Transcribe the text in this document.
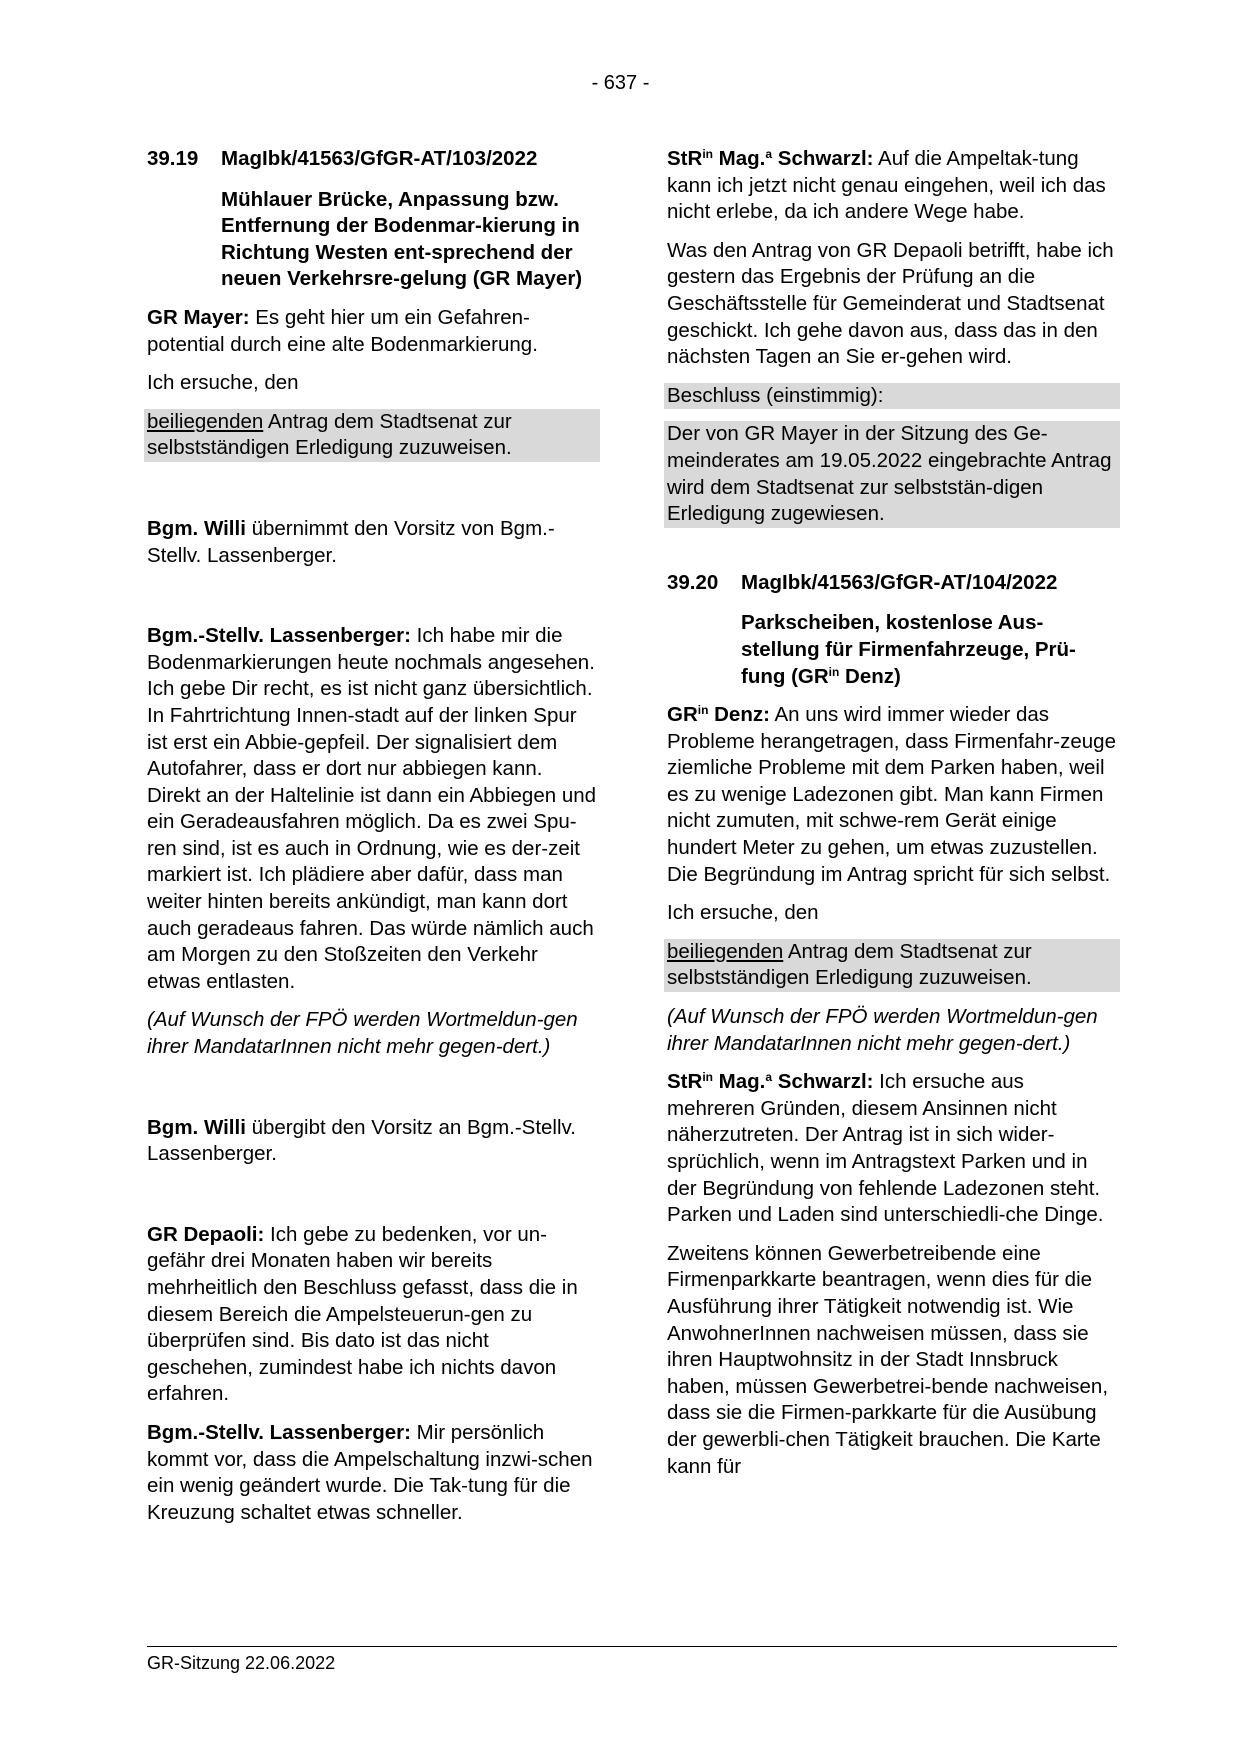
- 637 -
39.19	MagIbk/41563/GfGR-AT/103/2022
Mühlauer Brücke, Anpassung bzw. Entfernung der Bodenmar-kierung in Richtung Westen ent-sprechend der neuen Verkehrsre-gelung (GR Mayer)

GR Mayer: Es geht hier um ein Gefahren-potential durch eine alte Bodenmarkierung.

Ich ersuche, den

beiliegenden Antrag dem Stadtsenat zur selbstständigen Erledigung zuzuweisen.

Bgm. Willi übernimmt den Vorsitz von Bgm.-Stellv. Lassenberger.

Bgm.-Stellv. Lassenberger: Ich habe mir die Bodenmarkierungen heute nochmals angesehen. Ich gebe Dir recht, es ist nicht ganz übersichtlich. In Fahrtrichtung Innen-stadt auf der linken Spur ist erst ein Abbie-gepfeil. Der signalisiert dem Autofahrer, dass er dort nur abbiegen kann. Direkt an der Haltelinie ist dann ein Abbiegen und ein Geradeausfahren möglich. Da es zwei Spu-ren sind, ist es auch in Ordnung, wie es der-zeit markiert ist. Ich plädiere aber dafür, dass man weiter hinten bereits ankündigt, man kann dort auch geradeaus fahren. Das würde nämlich auch am Morgen zu den Stoßzeiten den Verkehr etwas entlasten.

(Auf Wunsch der FPÖ werden Wortmeldun-gen ihrer MandatarInnen nicht mehr gegen-dert.)

Bgm. Willi übergibt den Vorsitz an Bgm.-Stellv. Lassenberger.

GR Depaoli: Ich gebe zu bedenken, vor un-gefähr drei Monaten haben wir bereits mehrheitlich den Beschluss gefasst, dass die in diesem Bereich die Ampelsteuerun-gen zu überprüfen sind. Bis dato ist das nicht geschehen, zumindest habe ich nichts davon erfahren.

Bgm.-Stellv. Lassenberger: Mir persönlich kommt vor, dass die Ampelschaltung inzwi-schen ein wenig geändert wurde. Die Tak-tung für die Kreuzung schaltet etwas schneller.

StR$^{in}$ Mag.$^a$ Schwarzl: Auf die Ampeltak-tung kann ich jetzt nicht genau eingehen, weil ich das nicht erlebe, da ich andere Wege habe.

Was den Antrag von GR Depaoli betrifft, habe ich gestern das Ergebnis der Prüfung an die Geschäftsstelle für Gemeinderat und Stadtsenat geschickt. Ich gehe davon aus, dass das in den nächsten Tagen an Sie er-gehen wird.

Beschluss (einstimmig):

Der von GR Mayer in der Sitzung des Ge-meinderates am 19.05.2022 eingebrachte Antrag wird dem Stadtsenat zur selbststän-digen Erledigung zugewiesen.

39.20	MagIbk/41563/GfGR-AT/104/2022
Parkscheiben, kostenlose Aus-stellung für Firmenfahrzeuge, Prü-fung ($GR^{in}$ Denz)

$GR^{in}$ Denz: An uns wird immer wieder das Probleme herangetragen, dass Firmenfahr-zeuge ziemliche Probleme mit dem Parken haben, weil es zu wenige Ladezonen gibt. Man kann Firmen nicht zumuten, mit schwe-rem Gerät einige hundert Meter zu gehen, um etwas zuzustellen. Die Begründung im Antrag spricht für sich selbst.

Ich ersuche, den

beiliegenden Antrag dem Stadtsenat zur selbstständigen Erledigung zuzuweisen.

(Auf Wunsch der FPÖ werden Wortmeldun-gen ihrer MandatarInnen nicht mehr gegen-dert.)

StR$^{in}$ Mag.$^a$ Schwarzl: Ich ersuche aus mehreren Gründen, diesem Ansinnen nicht näherzutreten. Der Antrag ist in sich wider-sprüchlich, wenn im Antragstext Parken und in der Begründung von fehlende Ladezonen steht. Parken und Laden sind unterschiedli-che Dinge.

Zweitens können Gewerbetreibende eine Firmenparkkarte beantragen, wenn dies für die Ausführung ihrer Tätigkeit notwendig ist. Wie AnwohnerInnen nachweisen müssen, dass sie ihren Hauptwohnsitz in der Stadt Innsbruck haben, müssen Gewerbetrei-bende nachweisen, dass sie die Firmen-parkkarte für die Ausübung der gewerbli-chen Tätigkeit brauchen. Die Karte kann für

GR-Sitzung 22.06.2022
